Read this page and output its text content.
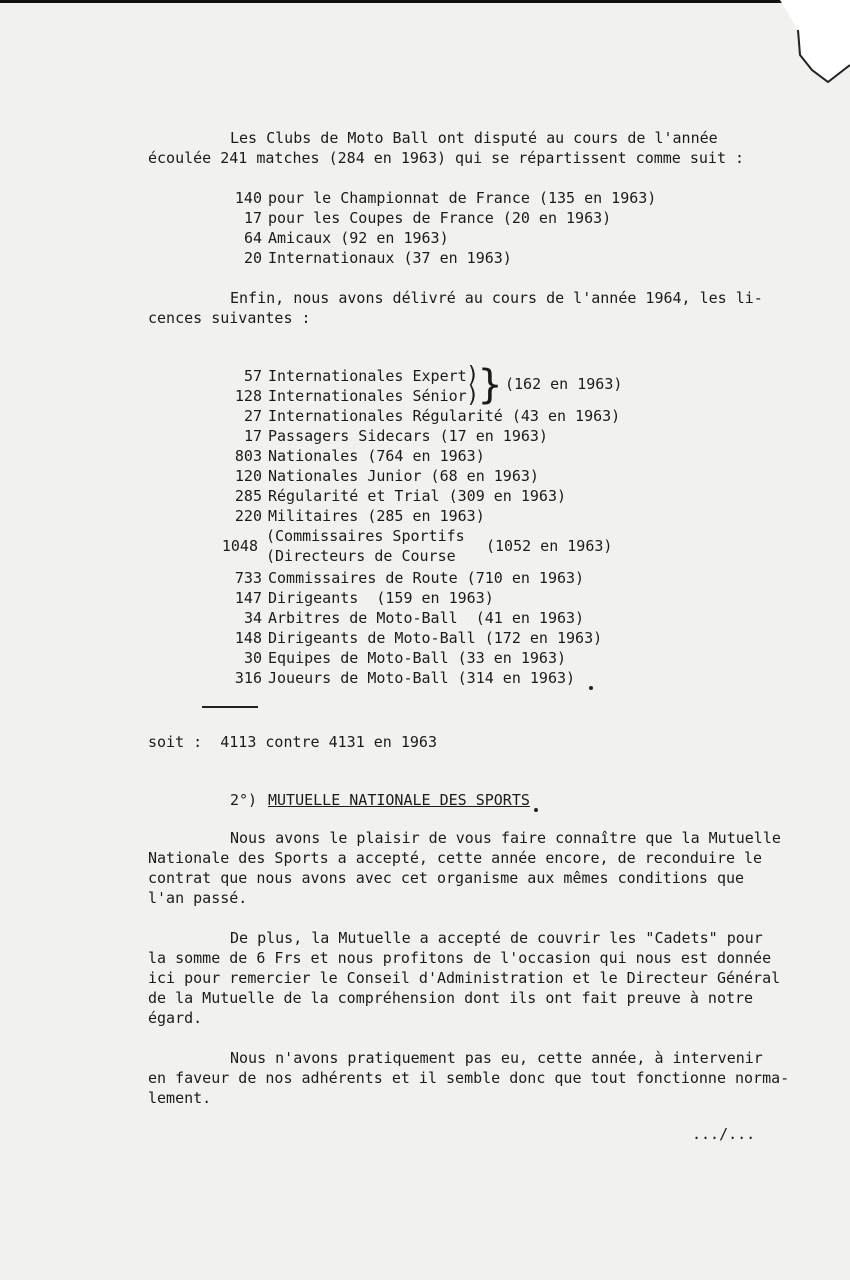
Les Clubs de Moto Ball ont disputé au cours de l'année
écoulée 241 matches (284 en 1963) qui se répartissent comme suit :
140 pour le Championnat de France (135 en 1963)
17 pour les Coupes de France (20 en 1963)
64 Amicaux (92 en 1963)
20 Internationaux (37 en 1963)
Enfin, nous avons délivré au cours de l'année 1964, les li-
cences suivantes :
57 Internationales Expert
128 Internationales Sénior
)
)
} (162 en 1963)
27 Internationales Régularité (43 en 1963)
17 Passagers Sidecars (17 en 1963)
803 Nationales (764 en 1963)
120 Nationales Junior (68 en 1963)
285 Régularité et Trial (309 en 1963)
220 Militaires (285 en 1963)
1048
(Commissaires Sportifs
(Directeurs de Course
(1052 en 1963)
733 Commissaires de Route (710 en 1963)
147 Dirigeants  (159 en 1963)
34 Arbitres de Moto-Ball  (41 en 1963)
148 Dirigeants de Moto-Ball (172 en 1963)
30 Equipes de Moto-Ball (33 en 1963)
316 Joueurs de Moto-Ball (314 en 1963)
soit :  4113 contre 4131 en 1963
2°) MUTUELLE NATIONALE DES SPORTS
Nous avons le plaisir de vous faire connaître que la Mutuelle
Nationale des Sports a accepté, cette année encore, de reconduire le
contrat que nous avons avec cet organisme aux mêmes conditions que
l'an passé.
De plus, la Mutuelle a accepté de couvrir les "Cadets" pour
la somme de 6 Frs et nous profitons de l'occasion qui nous est donnée
ici pour remercier le Conseil d'Administration et le Directeur Général
de la Mutuelle de la compréhension dont ils ont fait preuve à notre
égard.
Nous n'avons pratiquement pas eu, cette année, à intervenir
en faveur de nos adhérents et il semble donc que tout fonctionne norma-
lement.
.../...
